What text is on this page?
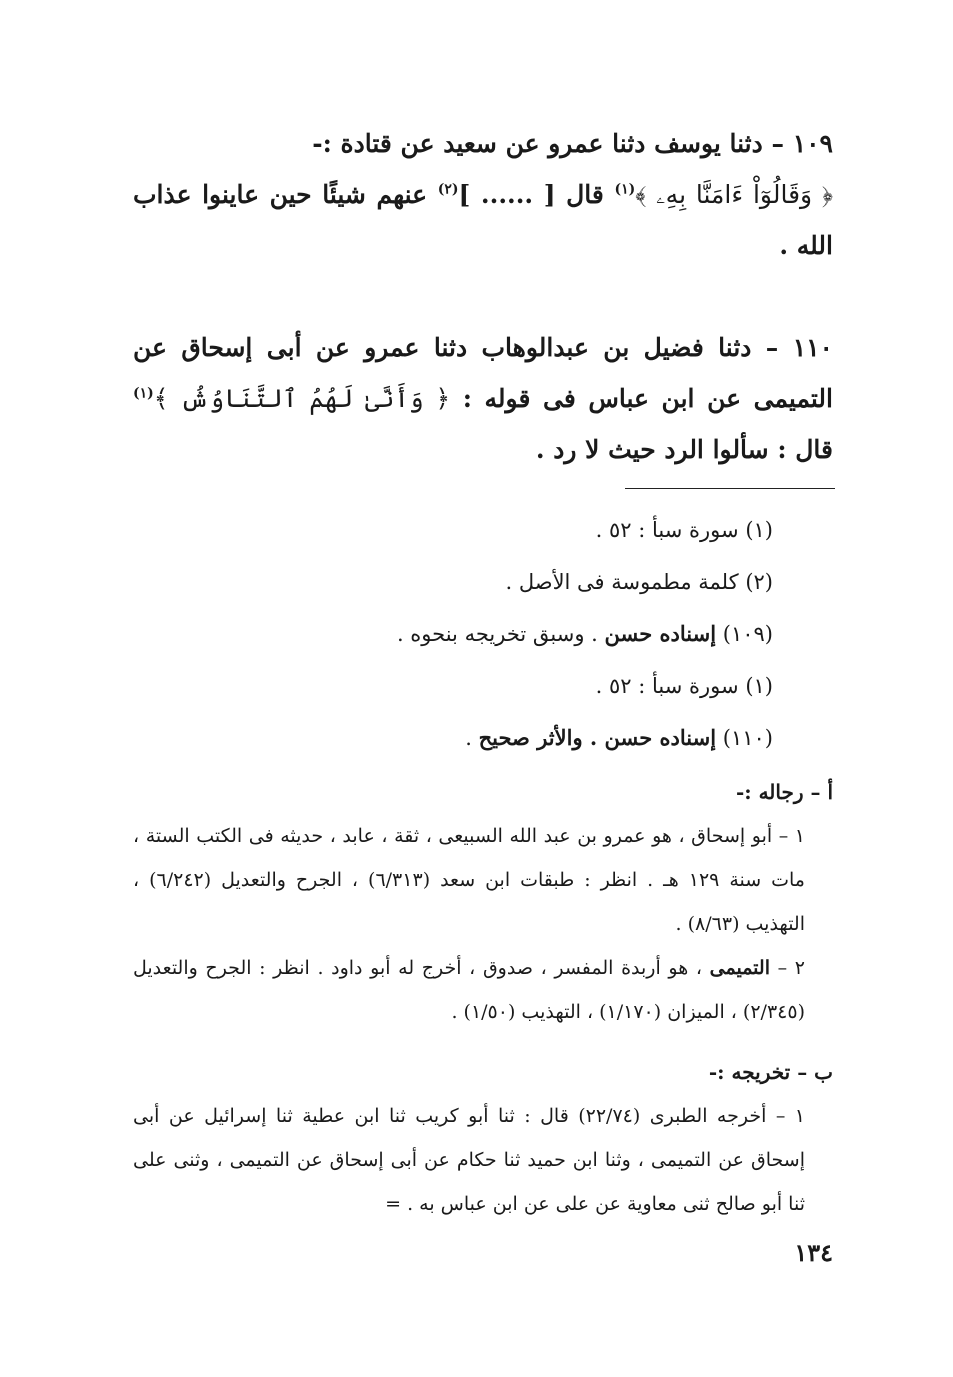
١٠٩ – دثنا يوسف دثنا عمرو عن سعيد عن قتادة :-

﴿ وَقَالُوٓاْ ءَامَنَّا بِهِۦ ﴾$^{(١)}$ قال [ ...... ]$^{(٢)}$ عنهم شيئًا حين عاينوا عذاب الله .

١١٠ – دثنا فضيل بن عبدالوهاب دثنا عمرو عن أبى إسحاق عن التميمى عن ابن عباس فى قوله : ﴿ وَأَنَّىٰ لَهُمُ ٱلتَّنَاوُشُ ﴾$^{(١)}$ قال : سألوا الرد حيث لا رد .

(١) سورة سبأ : ٥٢ .

(٢) كلمة مطموسة فى الأصل .

(١٠٩) إسناده حسن . وسبق تخريجه بنحوه .

(١) سورة سبأ : ٥٢ .

(١١٠) إسناده حسن . والأثر صحيح .

أ – رجاله :-

١ – أبو إسحاق ، هو عمرو بن عبد الله السبيعى ، ثقة ، عابد ، حديثه فى الكتب الستة ، مات سنة ١٢٩ هـ . انظر : طبقات ابن سعد (٦/٣١٣) ، الجرح والتعديل (٦/٢٤٢) ، التهذيب (٨/٦٣) .

٢ – التميمى ، هو أربدة المفسر ، صدوق ، أخرج له أبو داود . انظر : الجرح والتعديل (٢/٣٤٥) ، الميزان (١/١٧٠) ، التهذيب (١/٥٠) .

ب – تخريجه :-

١ – أخرجه الطبرى (٢٢/٧٤) قال : ثنا أبو كريب ثنا ابن عطية ثنا إسرائيل عن أبى إسحاق عن التميمى ، وثنا ابن حميد ثنا حكام عن أبى إسحاق عن التميمى ، وثنى على ثنا أبو صالح ثنى معاوية عن على عن ابن عباس به . =

١٣٤
